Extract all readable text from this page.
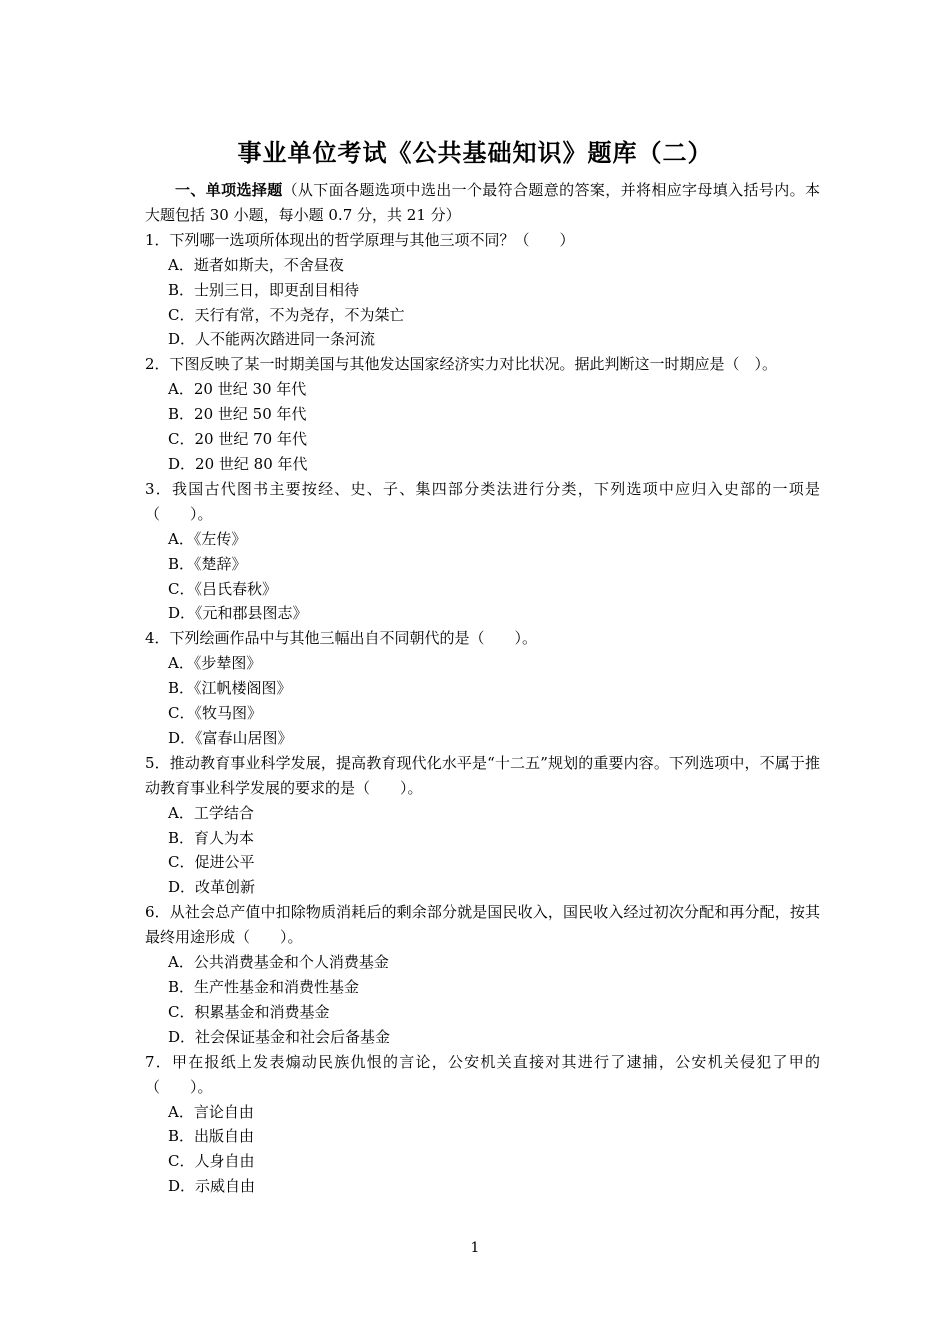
事业单位考试《公共基础知识》题库（二）
一、单项选择题（从下面各题选项中选出一个最符合题意的答案，并将相应字母填入括号内。本大题包括 30 小题，每小题 0.7 分，共 21 分）
1．下列哪一选项所体现出的哲学原理与其他三项不同？（　　）
A．逝者如斯夫，不舍昼夜
B．士别三日，即更刮目相待
C．天行有常，不为尧存，不为桀亡
D．人不能两次踏进同一条河流
2．下图反映了某一时期美国与其他发达国家经济实力对比状况。据此判断这一时期应是（　）。
A．20 世纪 30 年代
B．20 世纪 50 年代
C．20 世纪 70 年代
D．20 世纪 80 年代
3．我国古代图书主要按经、史、子、集四部分类法进行分类，下列选项中应归入史部的一项是（　　）。
A．《左传》
B．《楚辞》
C．《吕氏春秋》
D．《元和郡县图志》
4．下列绘画作品中与其他三幅出自不同朝代的是（　　）。
A．《步辇图》
B．《江帆楼阁图》
C．《牧马图》
D．《富春山居图》
5．推动教育事业科学发展，提高教育现代化水平是“十二五”规划的重要内容。下列选项中，不属于推动教育事业科学发展的要求的是（　　）。
A．工学结合
B．育人为本
C．促进公平
D．改革创新
6．从社会总产值中扣除物质消耗后的剩余部分就是国民收入，国民收入经过初次分配和再分配，按其最终用途形成（　　）。
A．公共消费基金和个人消费基金
B．生产性基金和消费性基金
C．积累基金和消费基金
D．社会保证基金和社会后备基金
7．甲在报纸上发表煽动民族仇恨的言论，公安机关直接对其进行了逮捕，公安机关侵犯了甲的（　　）。
A．言论自由
B．出版自由
C．人身自由
D．示威自由
1
